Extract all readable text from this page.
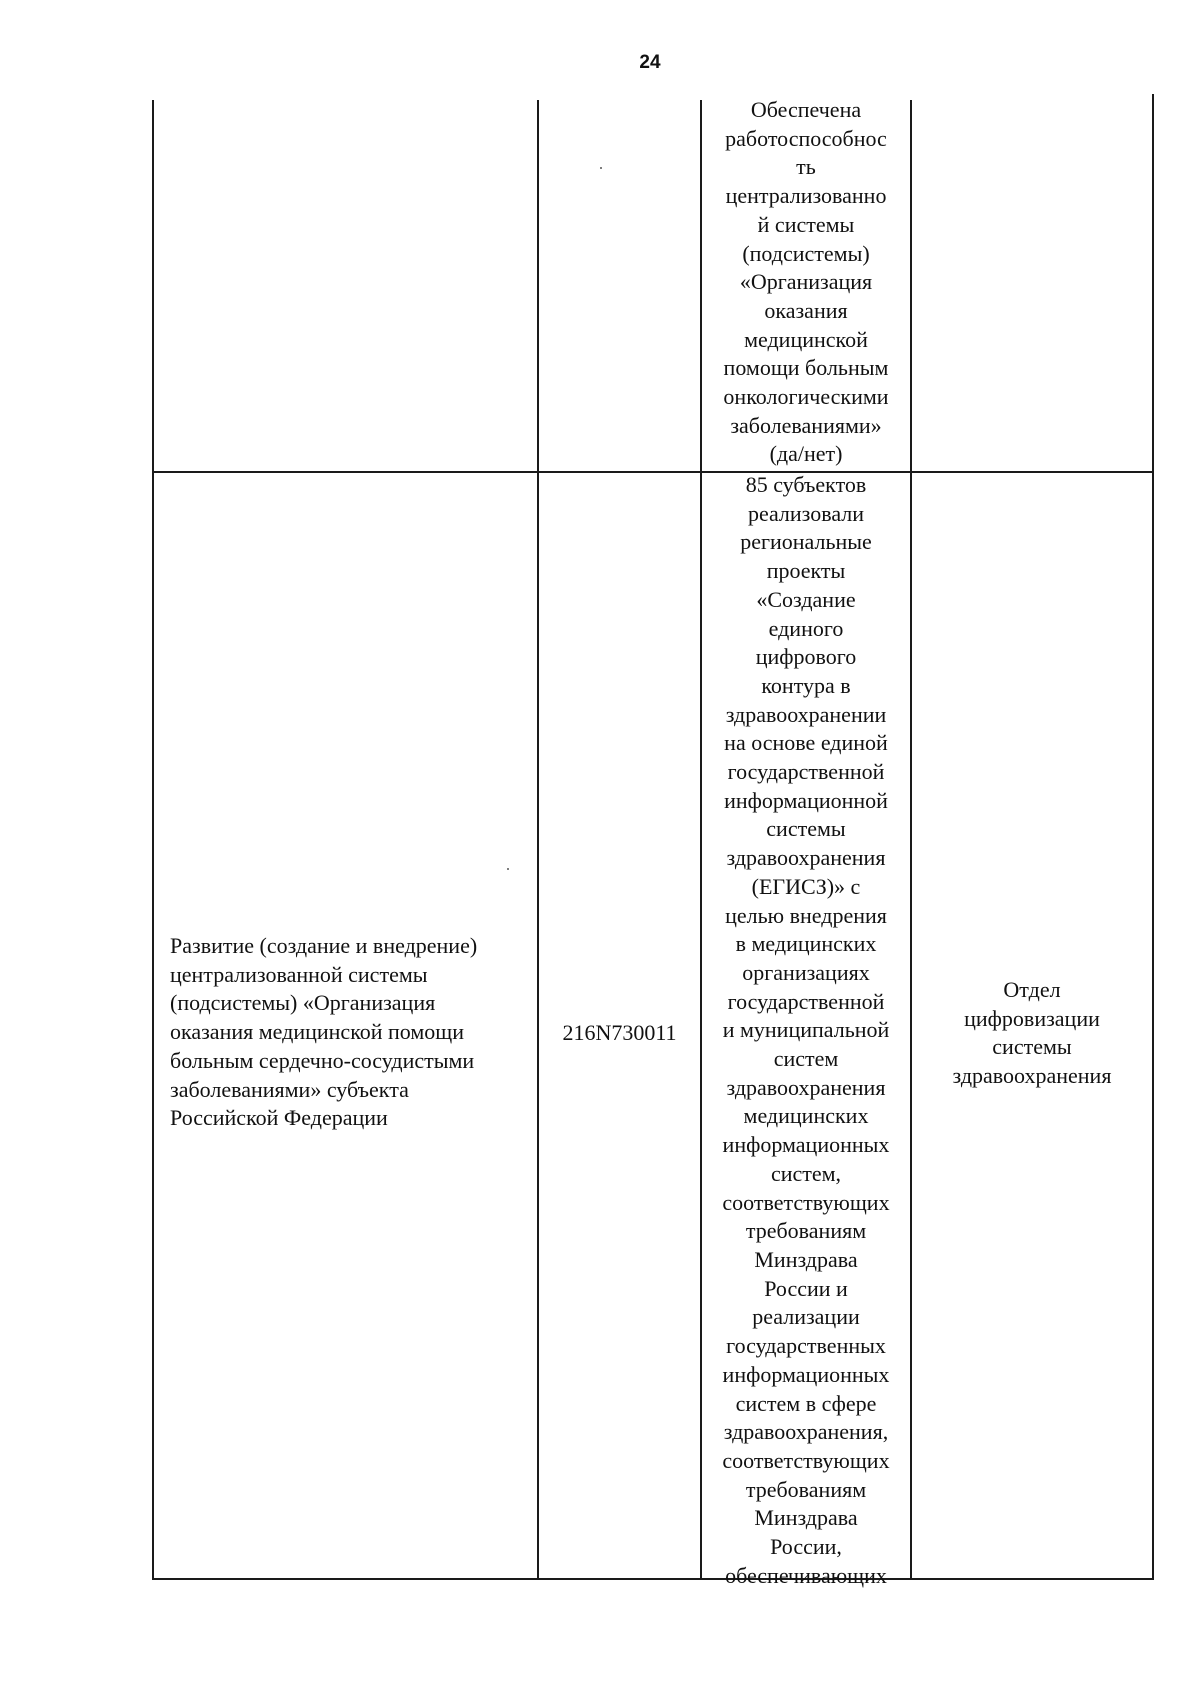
24
Обеспечена
работоспособнос
ть
централизованно
й системы
(подсистемы)
«Организация
оказания
медицинской
помощи больным
онкологическими
заболеваниями»
(да/нет)
Развитие (создание и внедрение)
централизованной системы
(подсистемы) «Организация
оказания медицинской помощи
больным сердечно-сосудистыми
заболеваниями» субъекта
Российской Федерации
216N730011
85 субъектов
реализовали
региональные
проекты
«Создание
единого
цифрового
контура в
здравоохранении
на основе единой
государственной
информационной
системы
здравоохранения
(ЕГИСЗ)» с
целью внедрения
в медицинских
организациях
государственной
и муниципальной
систем
здравоохранения
медицинских
информационных
систем,
соответствующих
требованиям
Минздрава
России и
реализации
государственных
информационных
систем в сфере
здравоохранения,
соответствующих
требованиям
Минздрава
России,
обеспечивающих
Отдел
цифровизации
системы
здравоохранения
